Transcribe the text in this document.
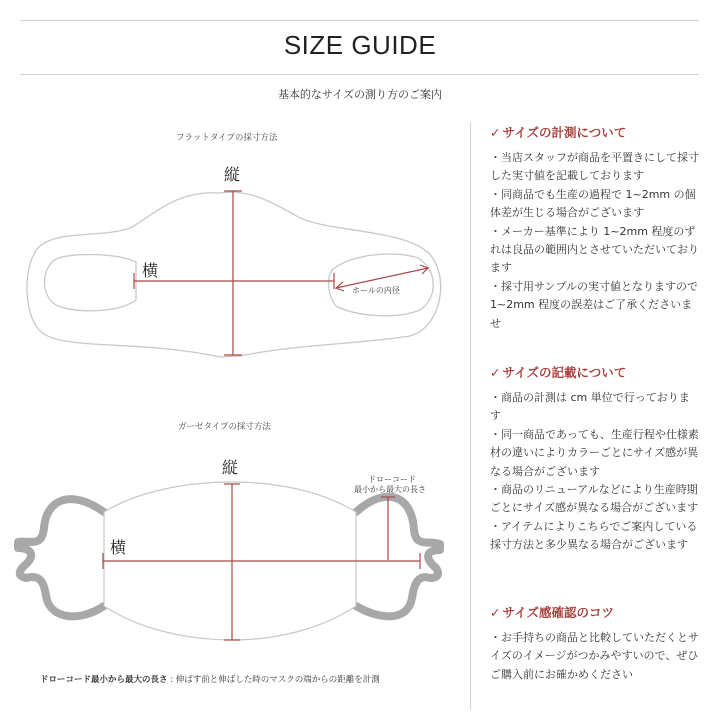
SIZE GUIDE
基本的なサイズの測り方のご案内
縦
横
ホールの内径
縦
横
ドローコード
最小から最大の長さ
フラットタイプの採寸方法
ガーゼタイプの採寸方法
ドローコード最小から最大の長さ : 伸ばす前と伸ばした時のマスクの端からの距離を計測
✓ サイズの計測について
・当店スタッフが商品を平置きにして採寸した実寸値を記載しております
・同商品でも生産の過程で 1~2mm の個体差が生じる場合がございます
・メーカー基準により 1~2mm 程度のずれは良品の範囲内とさせていただいております
・採寸用サンプルの実寸値となりますので 1~2mm 程度の誤差はご了承くださいませ
✓ サイズの記載について
・商品の計測は cm 単位で行っております
・同一商品であっても、生産行程や仕様素材の違いによりカラーごとにサイズ感が異なる場合がございます
・商品のリニューアルなどにより生産時期ごとにサイズ感が異なる場合がございます
・アイテムによりこちらでご案内している採寸方法と多少異なる場合がございます
✓ サイズ感確認のコツ
・お手持ちの商品と比較していただくとサイズのイメージがつかみやすいので、ぜひご購入前にお確かめください
